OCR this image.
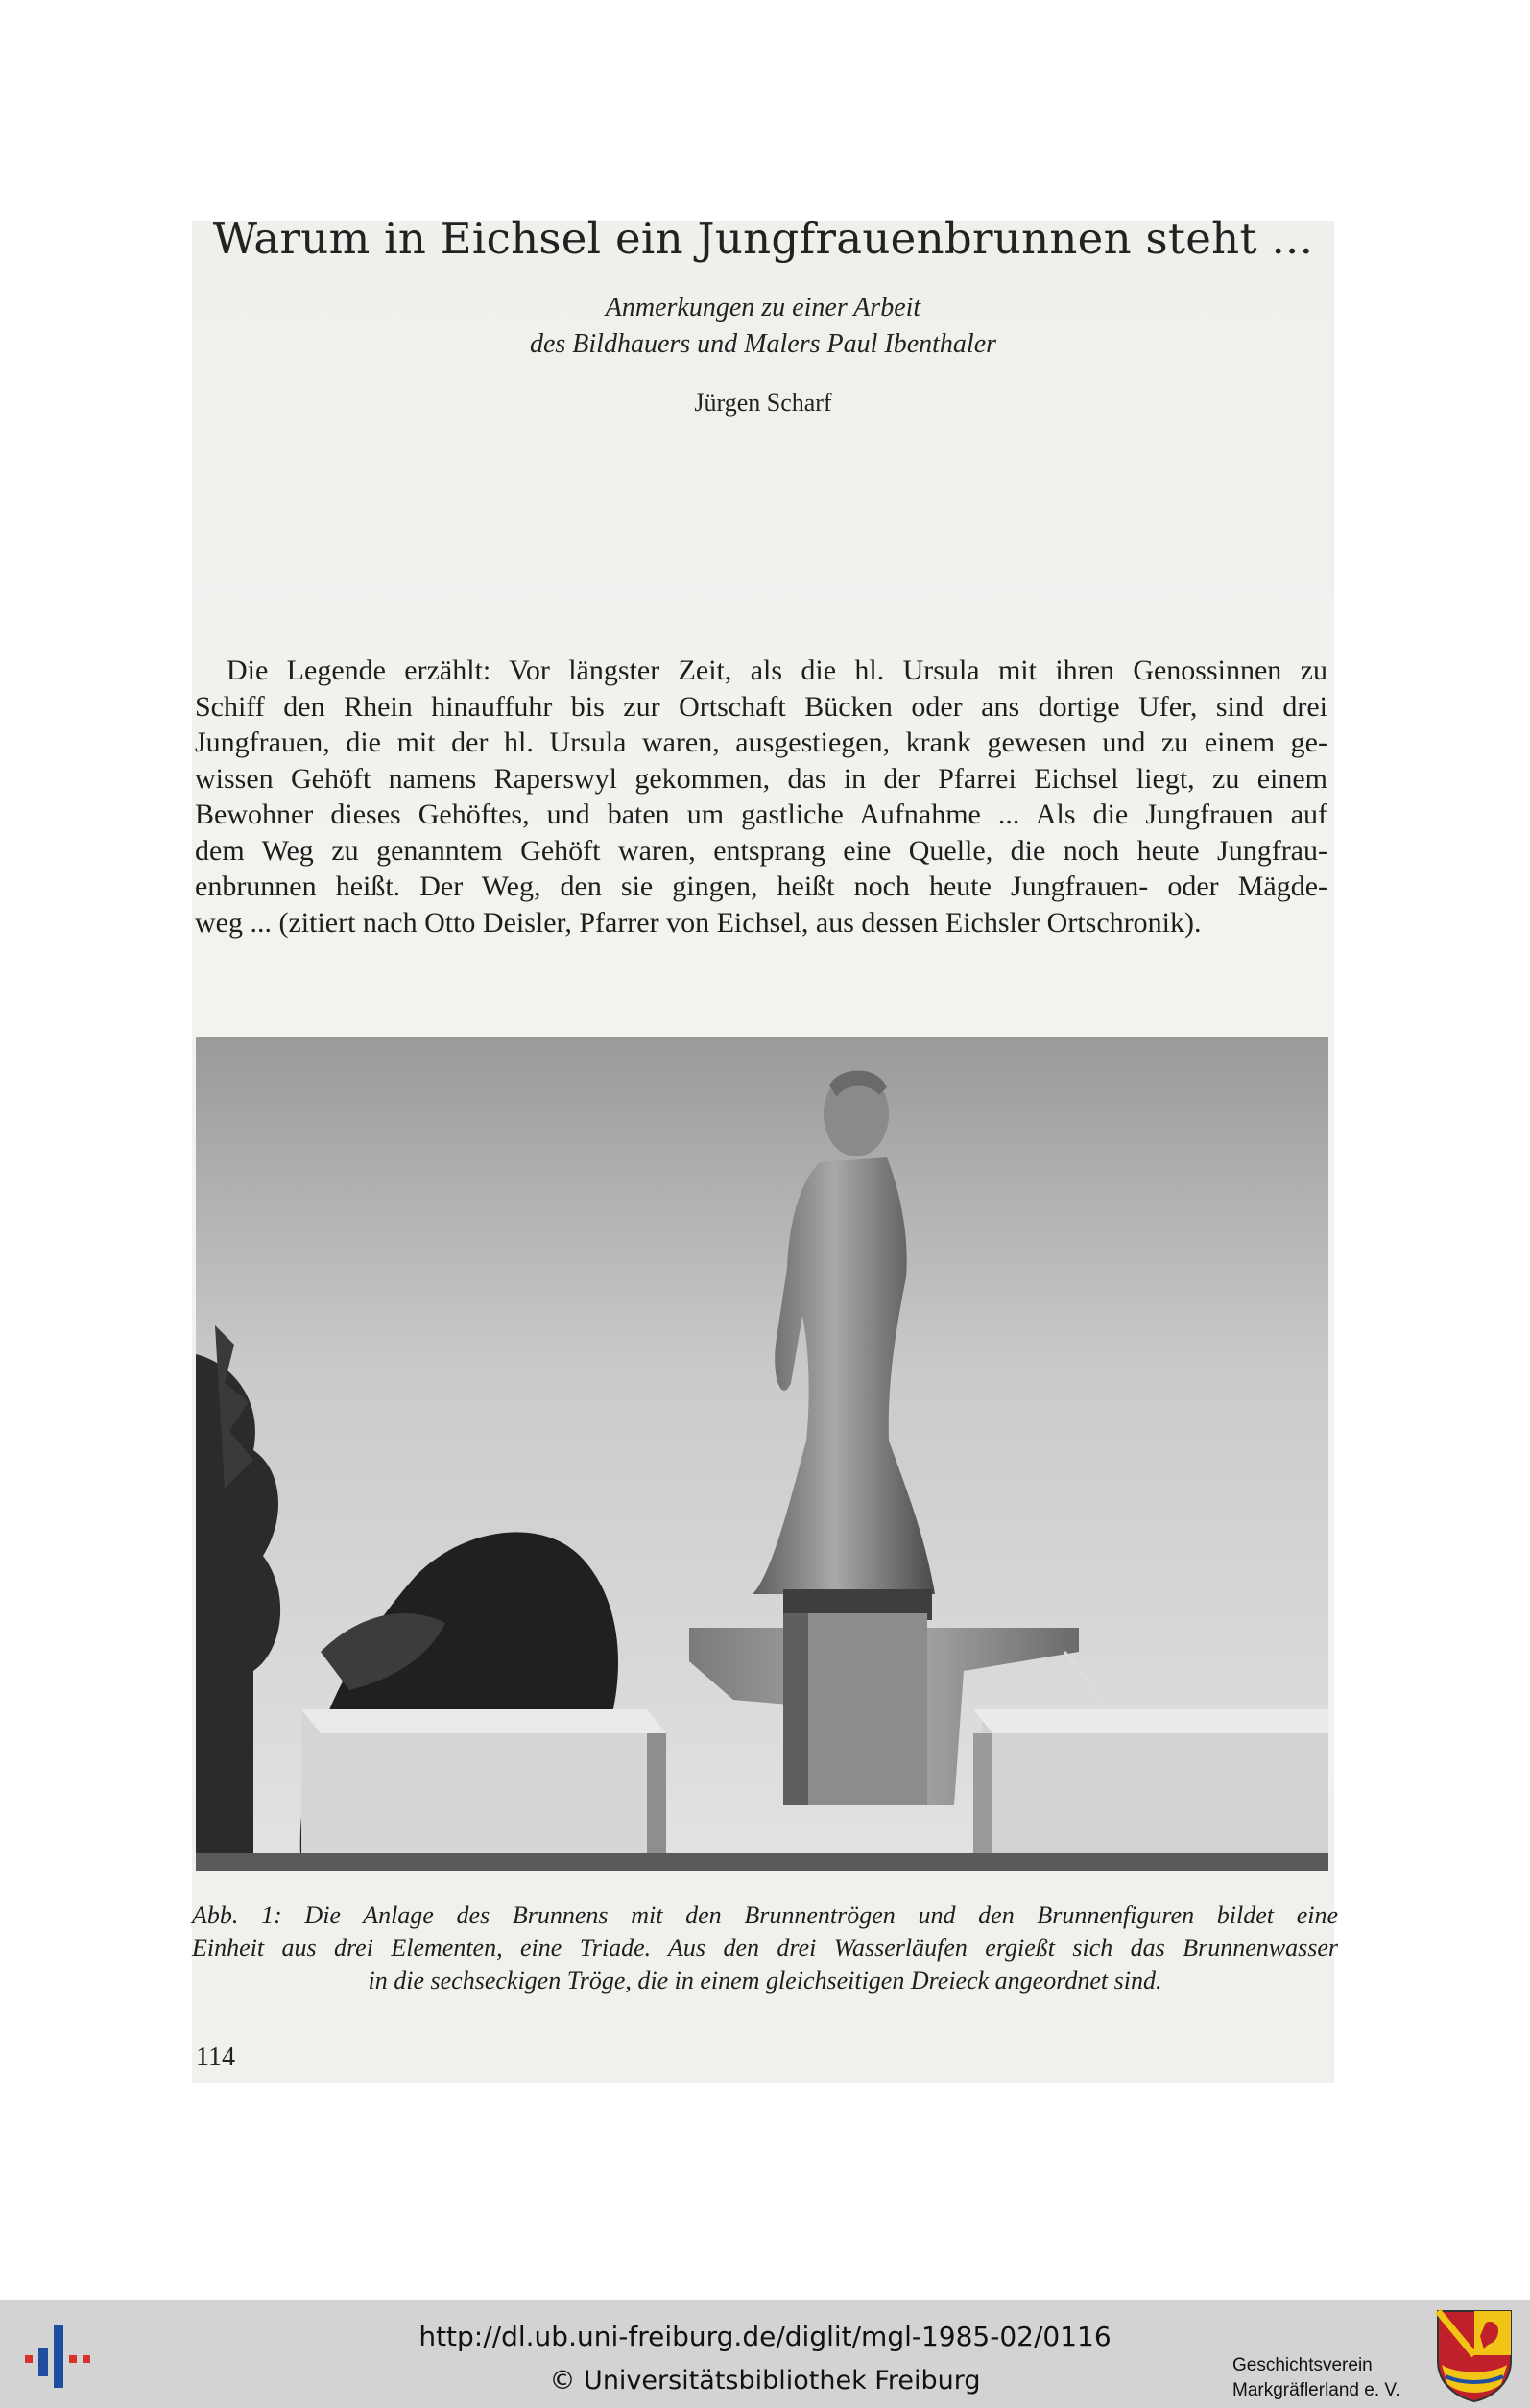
Warum in Eichsel ein Jungfrauenbrunnen steht ...
Anmerkungen zu einer Arbeit
des Bildhauers und Malers Paul Ibenthaler
Jürgen Scharf
Die Legende erzählt: Vor längster Zeit, als die hl. Ursula mit ihren Genossinnen zu
Schiff den Rhein hinauffuhr bis zur Ortschaft Bücken oder ans dortige Ufer, sind drei
Jungfrauen, die mit der hl. Ursula waren, ausgestiegen, krank gewesen und zu einem ge-
wissen Gehöft namens Raperswyl gekommen, das in der Pfarrei Eichsel liegt, zu einem
Bewohner dieses Gehöftes, und baten um gastliche Aufnahme ... Als die Jungfrauen auf
dem Weg zu genanntem Gehöft waren, entsprang eine Quelle, die noch heute Jungfrau-
enbrunnen heißt. Der Weg, den sie gingen, heißt noch heute Jungfrauen- oder Mägde-
weg ... (zitiert nach Otto Deisler, Pfarrer von Eichsel, aus dessen Eichsler Ortschronik).
Abb. 1: Die Anlage des Brunnens mit den Brunnentrögen und den Brunnenfiguren bildet eine
Einheit aus drei Elementen, eine Triade. Aus den drei Wasserläufen ergießt sich das Brunnenwasser
in die sechseckigen Tröge, die in einem gleichseitigen Dreieck angeordnet sind.
114
http://dl.ub.uni-freiburg.de/diglit/mgl-1985-02/0116
© Universitätsbibliothek Freiburg
Geschichtsverein
Markgräflerland e. V.
